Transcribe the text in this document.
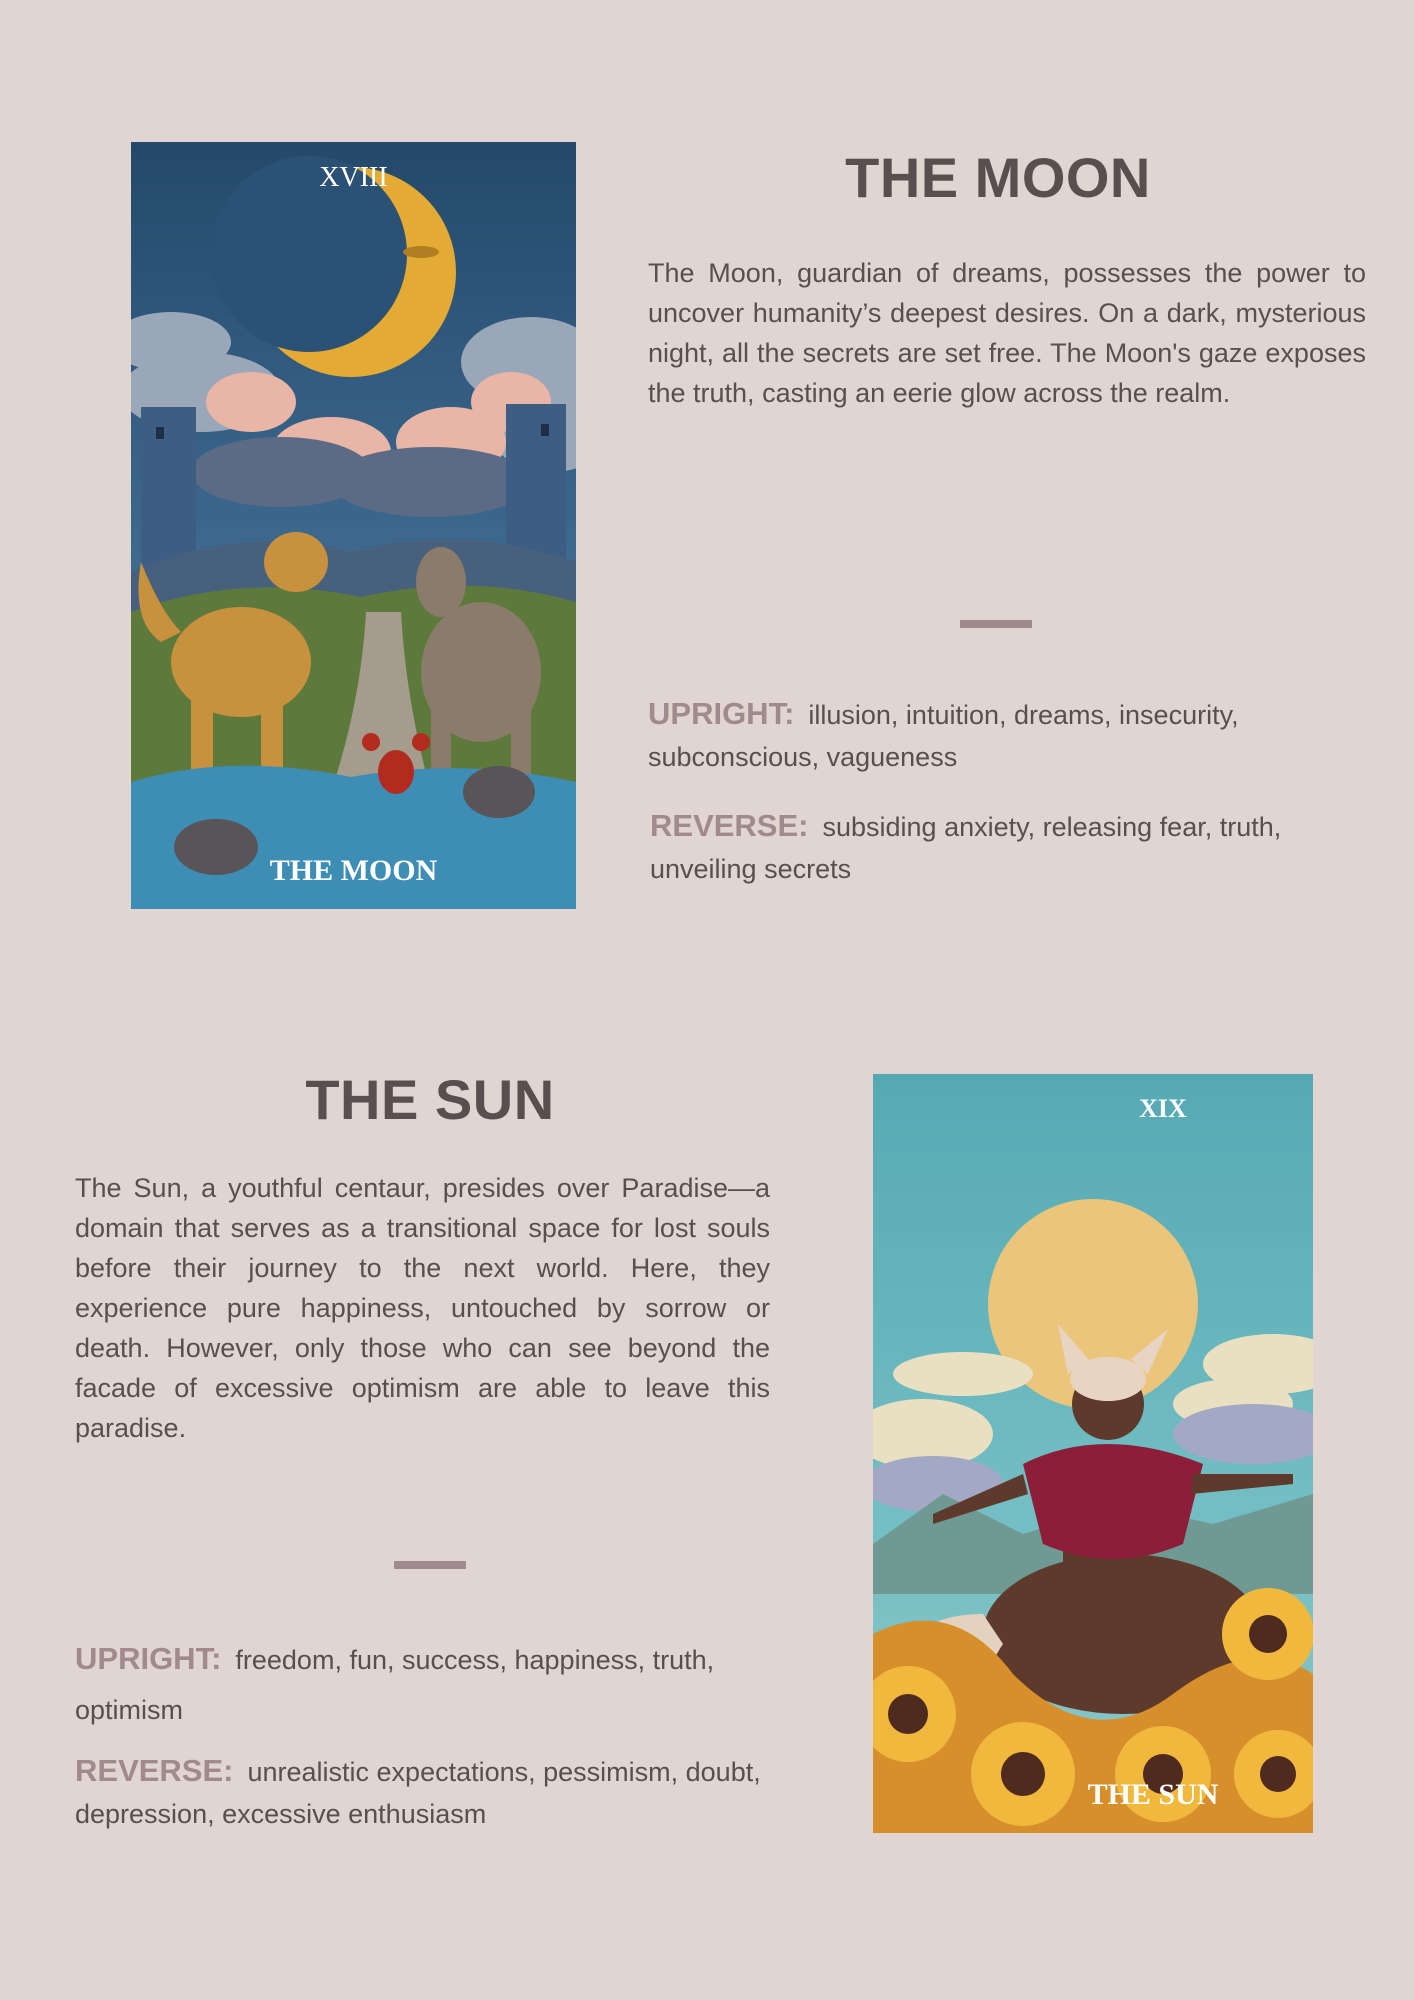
XVIII
THE MOON
THE MOON

The Moon, guardian of dreams, possesses the power to uncover humanity’s deepest desires. On a dark, mysterious night, all the secrets are set free. The Moon's gaze exposes the truth, casting an eerie glow across the realm.

UPRIGHT: illusion, intuition, dreams, insecurity, subconscious, vagueness

REVERSE: subsiding anxiety, releasing fear, truth, unveiling secrets

THE SUN

The Sun, a youthful centaur, presides over Paradise—a domain that serves as a transitional space for lost souls before their journey to the next world. Here, they experience pure happiness, untouched by sorrow or death. However, only those who can see beyond the facade of excessive optimism are able to leave this paradise.

UPRIGHT: freedom, fun, success, happiness, truth, optimism

REVERSE: unrealistic expectations, pessimism, doubt, depression, excessive enthusiasm

XIX
THE SUN
